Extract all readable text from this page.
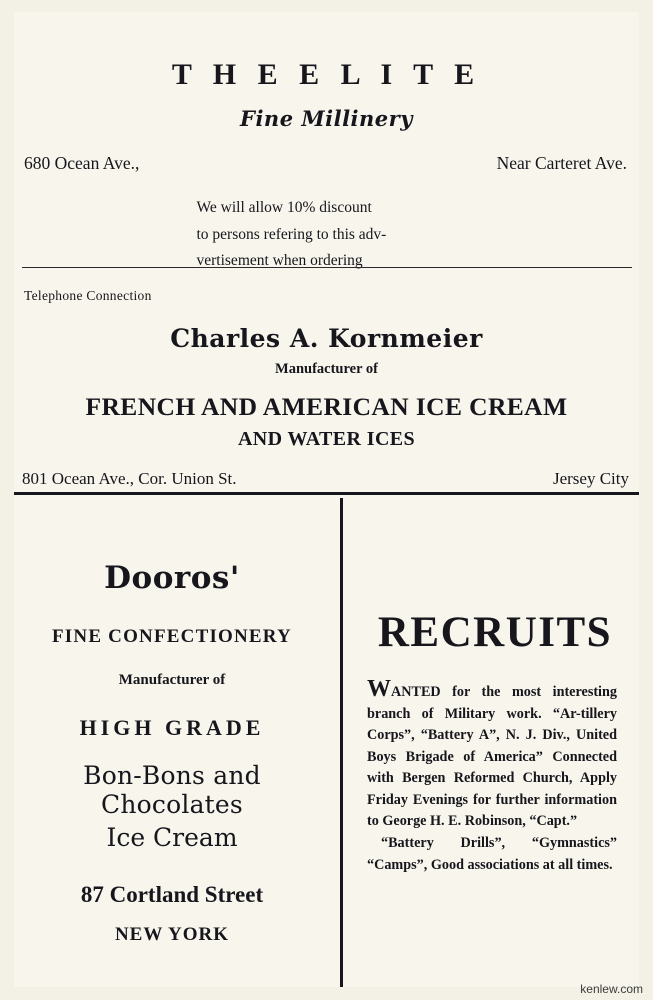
T H E E L I T E
Fine Millinery
680 Ocean Ave.,	Near Carteret Ave.
We will allow 10% discount
to persons refering to this adv-
vertisement when ordering
Telephone Connection
Charles A. Kornmeier
Manufacturer of
FRENCH AND AMERICAN ICE CREAM
AND WATER ICES
801 Ocean Ave., Cor. Union St.	Jersey City
Dooros'
FINE CONFECTIONERY
Manufacturer of
HIGH GRADE
Bon-Bons and Chocolates
Ice Cream
87 Cortland Street
NEW YORK
RECRUITS

WANTED for the most interesting branch of Military work. “Ar-tillery Corps”, “Battery A”, N. J. Div., United Boys Brigade of America” Connected with Bergen Reformed Church, Apply Friday Evenings for further information to George H. E. Robinson, “Capt.”

“Battery Drills”, “Gymnastics” “Camps”, Good associations at all times.

kenlew.com
